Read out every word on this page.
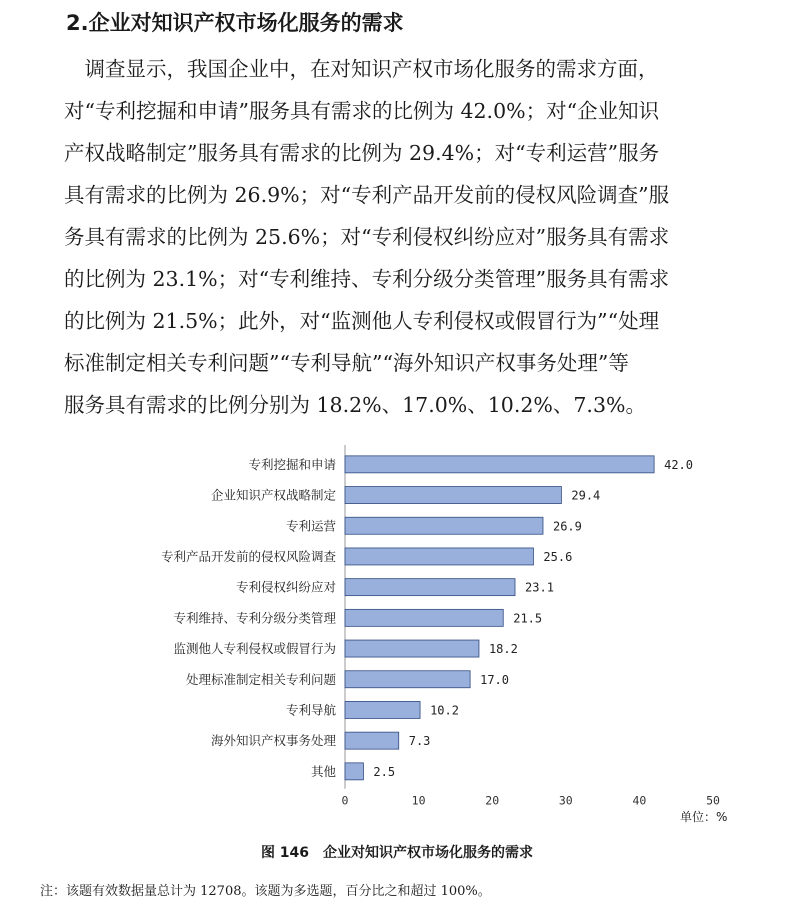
2.企业对知识产权市场化服务的需求
　调查显示，我国企业中，在对知识产权市场化服务的需求方面，
对“专利挖掘和申请”服务具有需求的比例为 42.0%；对“企业知识
产权战略制定”服务具有需求的比例为 29.4%；对“专利运营”服务
具有需求的比例为 26.9%；对“专利产品开发前的侵权风险调查”服
务具有需求的比例为 25.6%；对“专利侵权纠纷应对”服务具有需求
的比例为 23.1%；对“专利维持、专利分级分类管理”服务具有需求
的比例为 21.5%；此外，对“监测他人专利侵权或假冒行为”“处理
标准制定相关专利问题”“专利导航”“海外知识产权事务处理”等
服务具有需求的比例分别为 18.2%、17.0%、10.2%、7.3%。
专利挖掘和申请	42.0
企业知识产权战略制定	29.4
专利运营	26.9
专利产品开发前的侵权风险调查	25.6
专利侵权纠纷应对	23.1
专利维持、专利分级分类管理	21.5
监测他人专利侵权或假冒行为	18.2
处理标准制定相关专利问题	17.0
专利导航	10.2
海外知识产权事务处理	7.3
其他	2.5
0	10	20	30	40	50
单位：%
图 146　企业对知识产权市场化服务的需求
注：该题有效数据量总计为 12708。该题为多选题，百分比之和超过 100%。
